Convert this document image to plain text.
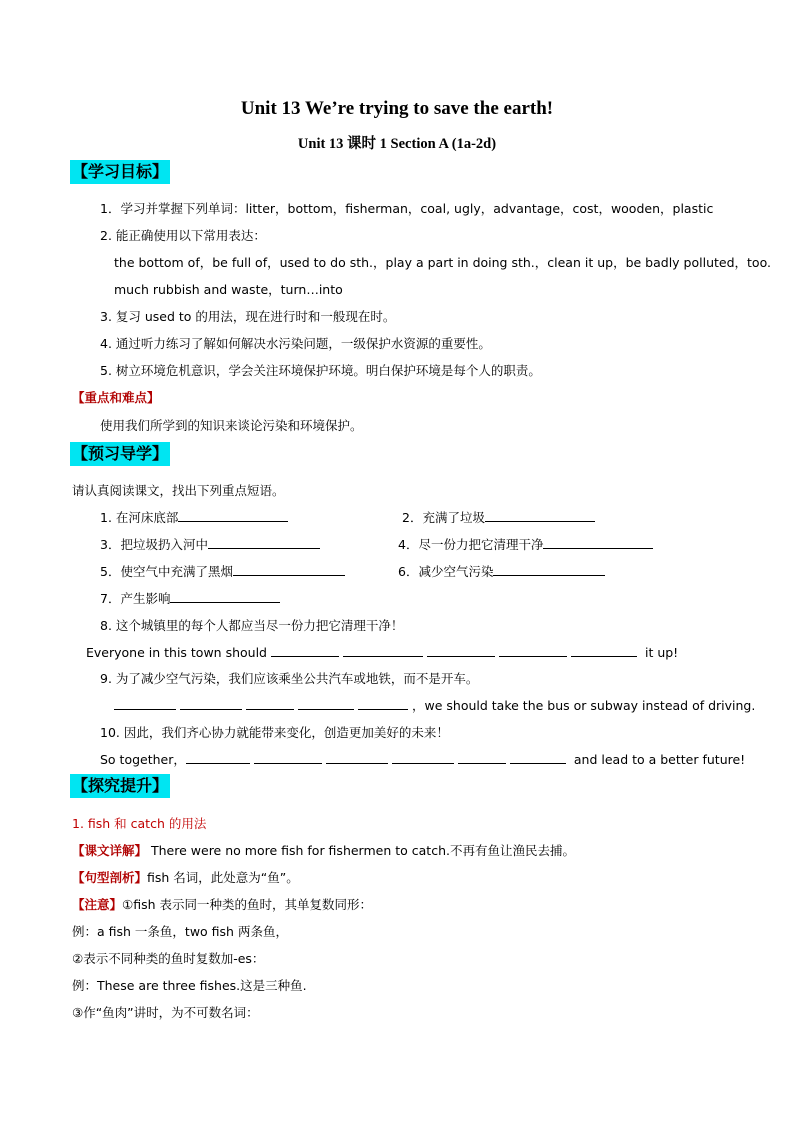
Unit 13 We’re trying to save the earth!
Unit 13 课时 1 Section A (1a-2d)
【学习目标】
1．学习并掌握下列单词：litter，bottom，fisherman，coal, ugly，advantage，cost，wooden，plastic
2. 能正确使用以下常用表达：
the bottom of，be full of，used to do sth.，play a part in doing sth.，clean it up，be badly polluted，too.
much rubbish and waste，turn…into
3. 复习 used to 的用法，现在进行时和一般现在时。
4. 通过听力练习了解如何解决水污染问题，一级保护水资源的重要性。
5. 树立环境危机意识，学会关注环境保护环境。明白保护环境是每个人的职责。
【重点和难点】
使用我们所学到的知识来谈论污染和环境保护。
【预习导学】
请认真阅读课文，找出下列重点短语。
1. 在河床底部	2．充满了垃圾
3．把垃圾扔入河中	4．尽一份力把它清理干净
5．使空气中充满了黑烟	6．减少空气污染
7．产生影响
8. 这个城镇里的每个人都应当尽一份力把它清理干净！
Everyone in this town should	it up!
9. 为了减少空气污染，我们应该乘坐公共汽车或地铁，而不是开车。
，we should take the bus or subway instead of driving.
10. 因此，我们齐心协力就能带来变化，创造更加美好的未来！
So together，	and lead to a better future!
【探究提升】
1. fish 和 catch 的用法
【课文详解】 There were no more fish for fishermen to catch.不再有鱼让渔民去捕。
【句型剖析】fish 名词，此处意为“鱼”。
【注意】①fish 表示同一种类的鱼时，其单复数同形：
例：a fish 一条鱼，two fish 两条鱼，
②表示不同种类的鱼时复数加-es：
例：These are three fishes.这是三种鱼.
③作“鱼肉”讲时，为不可数名词：
